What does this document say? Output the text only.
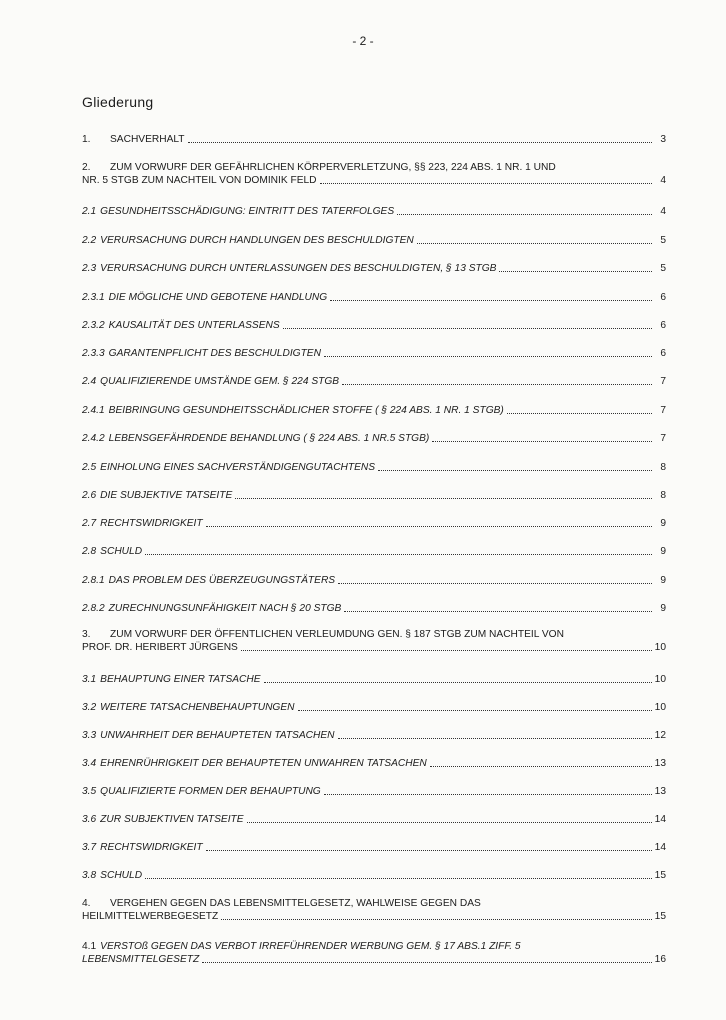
- 2 -
Gliederung
1. SACHVERHALT	3
2. ZUM VORWURF DER GEFÄHRLICHEN KÖRPERVERLETZUNG, §§ 223, 224 ABS. 1 NR. 1 UND
NR. 5 STGB ZUM NACHTEIL VON DOMINIK FELD	4
2.1 GESUNDHEITSSCHÄDIGUNG: EINTRITT DES TATERFOLGES	4
2.2 VERURSACHUNG DURCH HANDLUNGEN DES BESCHULDIGTEN	5
2.3 VERURSACHUNG DURCH UNTERLASSUNGEN DES BESCHULDIGTEN, § 13 STGB	5
2.3.1 DIE MÖGLICHE UND GEBOTENE HANDLUNG	6
2.3.2 KAUSALITÄT DES UNTERLASSENS	6
2.3.3 GARANTENPFLICHT DES BESCHULDIGTEN	6
2.4 QUALIFIZIERENDE UMSTÄNDE GEM. § 224 STGB	7
2.4.1 BEIBRINGUNG GESUNDHEITSSCHÄDLICHER STOFFE ( § 224 ABS. 1 NR. 1 STGB)	7
2.4.2 LEBENSGEFÄHRDENDE BEHANDLUNG ( § 224 ABS. 1 NR.5 STGB)	7
2.5 EINHOLUNG EINES SACHVERSTÄNDIGENGUTACHTENS	8
2.6 DIE SUBJEKTIVE TATSEITE	8
2.7 RECHTSWIDRIGKEIT	9
2.8 SCHULD	9
2.8.1 DAS PROBLEM DES ÜBERZEUGUNGSTÄTERS	9
2.8.2 ZURECHNUNGSUNFÄHIGKEIT NACH § 20 STGB	9
3. ZUM VORWURF DER ÖFFENTLICHEN VERLEUMDUNG GEN. § 187 STGB ZUM NACHTEIL VON
PROF. DR. HERIBERT JÜRGENS	10
3.1 BEHAUPTUNG EINER TATSACHE	10
3.2 WEITERE TATSACHENBEHAUPTUNGEN	10
3.3 UNWAHRHEIT DER BEHAUPTETEN TATSACHEN	12
3.4 EHRENRÜHRIGKEIT DER BEHAUPTETEN UNWAHREN TATSACHEN	13
3.5 QUALIFIZIERTE FORMEN DER BEHAUPTUNG	13
3.6 ZUR SUBJEKTIVEN TATSEITE	14
3.7 RECHTSWIDRIGKEIT	14
3.8 SCHULD	15
4. VERGEHEN GEGEN DAS LEBENSMITTELGESETZ, WAHLWEISE GEGEN DAS
HEILMITTELWERBEGESETZ	15
4.1 VERSTOß GEGEN DAS VERBOT IRREFÜHRENDER WERBUNG GEM. § 17 ABS.1 ZIFF. 5
LEBENSMITTELGESETZ	16
